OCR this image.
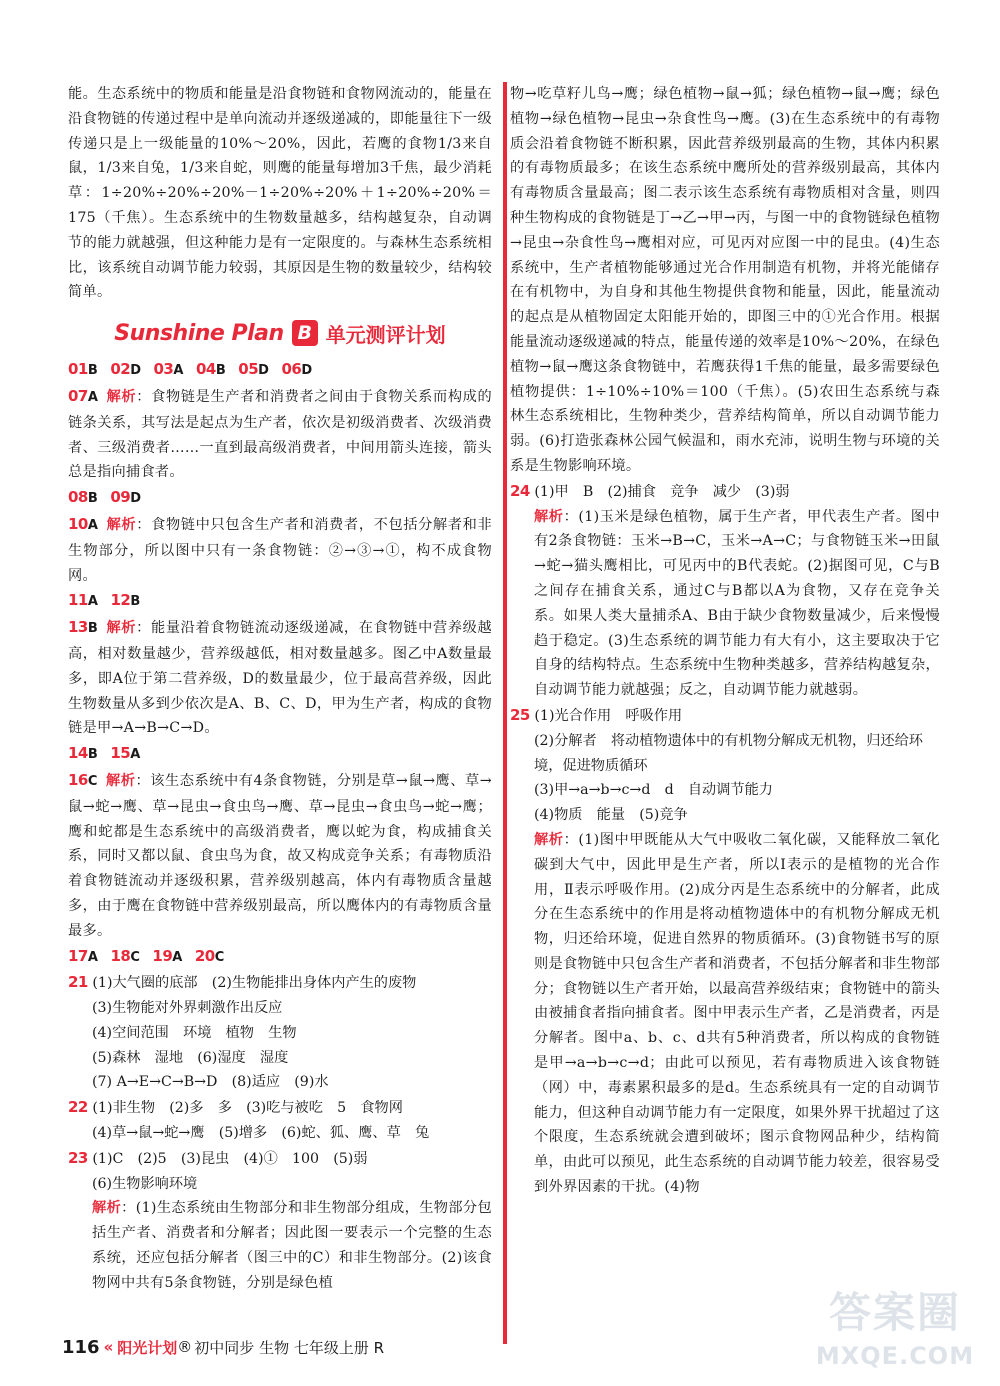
能。生态系统中的物质和能量是沿食物链和食物网流动的，能量在沿食物链的传递过程中是单向流动并逐级递减的，即能量往下一级传递只是上一级能量的10%～20%，因此，若鹰的食物1/3来自鼠，1/3来自兔，1/3来自蛇，则鹰的能量每增加3千焦，最少消耗草：1÷20%÷20%÷20%－1÷20%÷20%＋1÷20%÷20%＝175（千焦）。生态系统中的生物数量越多，结构越复杂，自动调节的能力就越强，但这种能力是有一定限度的。与森林生态系统相比，该系统自动调节能力较弱，其原因是生物的数量较少，结构较简单。

Sunshine Plan B 单元测评计划
01B 02D 03A 04B 05D 06D

07A 解析：食物链是生产者和消费者之间由于食物关系而构成的链条关系，其写法是起点为生产者，依次是初级消费者、次级消费者、三级消费者……一直到最高级消费者，中间用箭头连接，箭头总是指向捕食者。

08B 09D

10A 解析：食物链中只包含生产者和消费者，不包括分解者和非生物部分，所以图中只有一条食物链：②→③→①，构不成食物网。

11A 12B

13B 解析：能量沿着食物链流动逐级递减，在食物链中营养级越高，相对数量越少，营养级越低，相对数量越多。图乙中A数量最多，即A位于第二营养级，D的数量最少，位于最高营养级，因此生物数量从多到少依次是A、B、C、D，甲为生产者，构成的食物链是甲→A→B→C→D。

14B 15A

16C 解析：该生态系统中有4条食物链，分别是草→鼠→鹰、草→鼠→蛇→鹰、草→昆虫→食虫鸟→鹰、草→昆虫→食虫鸟→蛇→鹰；鹰和蛇都是生态系统中的高级消费者，鹰以蛇为食，构成捕食关系，同时又都以鼠、食虫鸟为食，故又构成竞争关系；有毒物质沿着食物链流动并逐级积累，营养级别越高，体内有毒物质含量越多，由于鹰在食物链中营养级别最高，所以鹰体内的有毒物质含量最多。

17A 18C 19A 20C
21 (1)大气圈的底部　(2)生物能排出身体内产生的废物
(3)生物能对外界刺激作出反应
(4)空间范围　环境　植物　生物
(5)森林　湿地　(6)湿度　湿度
(7) A→E→C→B→D　(8)适应　(9)水
22 (1)非生物　(2)多　多　(3)吃与被吃　5　食物网
(4)草→鼠→蛇→鹰　(5)增多　(6)蛇、狐、鹰、草　兔
23 (1)C　(2)5　(3)昆虫　(4)①　100　(5)弱
(6)生物影响环境

解析：(1)生态系统由生物部分和非生物部分组成，生物部分包括生产者、消费者和分解者；因此图一要表示一个完整的生态系统，还应包括分解者（图三中的C）和非生物部分。(2)该食物网中共有5条食物链，分别是绿色植

物→吃草籽儿鸟→鹰；绿色植物→鼠→狐；绿色植物→鼠→鹰；绿色植物→绿色植物→昆虫→杂食性鸟→鹰。(3)在生态系统中的有毒物质会沿着食物链不断积累，因此营养级别最高的生物，其体内积累的有毒物质最多；在该生态系统中鹰所处的营养级别最高，其体内有毒物质含量最高；图二表示该生态系统有毒物质相对含量，则四种生物构成的食物链是丁→乙→甲→丙，与图一中的食物链绿色植物→昆虫→杂食性鸟→鹰相对应，可见丙对应图一中的昆虫。(4)生态系统中，生产者植物能够通过光合作用制造有机物，并将光能储存在有机物中，为自身和其他生物提供食物和能量，因此，能量流动的起点是从植物固定太阳能开始的，即图三中的①光合作用。根据能量流动逐级递减的特点，能量传递的效率是10%～20%，在绿色植物→鼠→鹰这条食物链中，若鹰获得1千焦的能量，最多需要绿色植物提供：1÷10%÷10%＝100（千焦）。(5)农田生态系统与森林生态系统相比，生物种类少，营养结构简单，所以自动调节能力弱。(6)打造张森林公园气候温和，雨水充沛，说明生物与环境的关系是生物影响环境。

24 (1)甲　B　(2)捕食　竞争　减少　(3)弱

解析：(1)玉米是绿色植物，属于生产者，甲代表生产者。图中有2条食物链：玉米→B→C，玉米→A→C；与食物链玉米→田鼠→蛇→猫头鹰相比，可见丙中的B代表蛇。(2)据图可见，C与B之间存在捕食关系，通过C与B都以A为食物，又存在竞争关系。如果人类大量捕杀A、B由于缺少食物数量减少，后来慢慢趋于稳定。(3)生态系统的调节能力有大有小，这主要取决于它自身的结构特点。生态系统中生物种类越多，营养结构越复杂，自动调节能力就越强；反之，自动调节能力就越弱。

25 (1)光合作用　呼吸作用
(2)分解者　将动植物遗体中的有机物分解成无机物，归还给环境，促进物质循环
(3)甲→a→b→c→d　d　自动调节能力
(4)物质　能量　(5)竞争

解析：(1)图中甲既能从大气中吸收二氧化碳，又能释放二氧化碳到大气中，因此甲是生产者，所以Ⅰ表示的是植物的光合作用，Ⅱ表示呼吸作用。(2)成分丙是生态系统中的分解者，此成分在生态系统中的作用是将动植物遗体中的有机物分解成无机物，归还给环境，促进自然界的物质循环。(3)食物链书写的原则是食物链中只包含生产者和消费者，不包括分解者和非生物部分；食物链以生产者开始，以最高营养级结束；食物链中的箭头由被捕食者指向捕食者。图中甲表示生产者，乙是消费者，丙是分解者。图中a、b、c、d共有5种消费者，所以构成的食物链是甲→a→b→c→d；由此可以预见，若有毒物质进入该食物链（网）中，毒素累积最多的是d。生态系统具有一定的自动调节能力，但这种自动调节能力有一定限度，如果外界干扰超过了这个限度，生态系统就会遭到破坏；图示食物网品种少，结构简单，由此可以预见，此生态系统的自动调节能力较差，很容易受到外界因素的干扰。(4)物

116 « 阳光计划 ® 初中同步 生物 七年级上册 R
答案圈
MXQE.COM
